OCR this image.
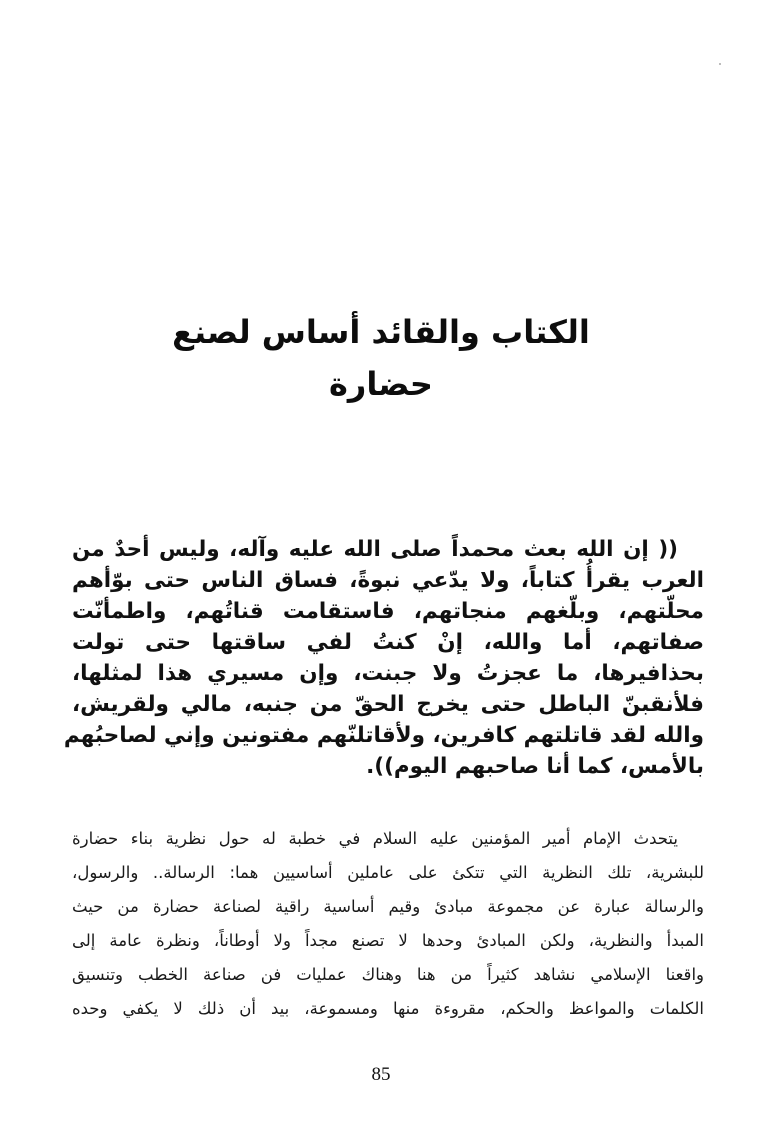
الكتاب والقائد أساس لصنع حضارة
(( إن الله بعث محمداً صلى الله عليه وآله، وليس أحدٌ من
العرب يقرأُ كتاباً، ولا يدّعي نبوةً، فساق الناس حتى بوّأهم
محلّتهم، وبلّغهم منجاتهم، فاستقامت قناتُهم، واطمأنّت
صفاتهم، أما والله، إنْ كنتُ لفي ساقتها حتى تولت
بحذافيرها، ما عجزتُ ولا جبنت، وإن مسيري هذا لمثلها،
فلأنقبنّ الباطل حتى يخرج الحقّ من جنبه، مالي ولقريش،
والله لقد قاتلتهم كافرين، ولأقاتلنّهم مفتونين وإني لصاحبُهم
بالأمس، كما أنا صاحبهم اليوم)).
يتحدث الإمام أمير المؤمنين عليه السلام في خطبة له حول نظرية بناء حضارة
للبشرية، تلك النظرية التي تتكئ على عاملين أساسيين هما: الرسالة.. والرسول،
والرسالة عبارة عن مجموعة مبادئ وقيم أساسية راقية لصناعة حضارة من حيث
المبدأ والنظرية، ولكن المبادئ وحدها لا تصنع مجداً ولا أوطاناً، ونظرة عامة إلى
واقعنا الإسلامي نشاهد كثيراً من هنا وهناك عمليات فن صناعة الخطب وتنسيق
الكلمات والمواعظ والحكم، مقروءة منها ومسموعة، بيد أن ذلك لا يكفي وحده
85
